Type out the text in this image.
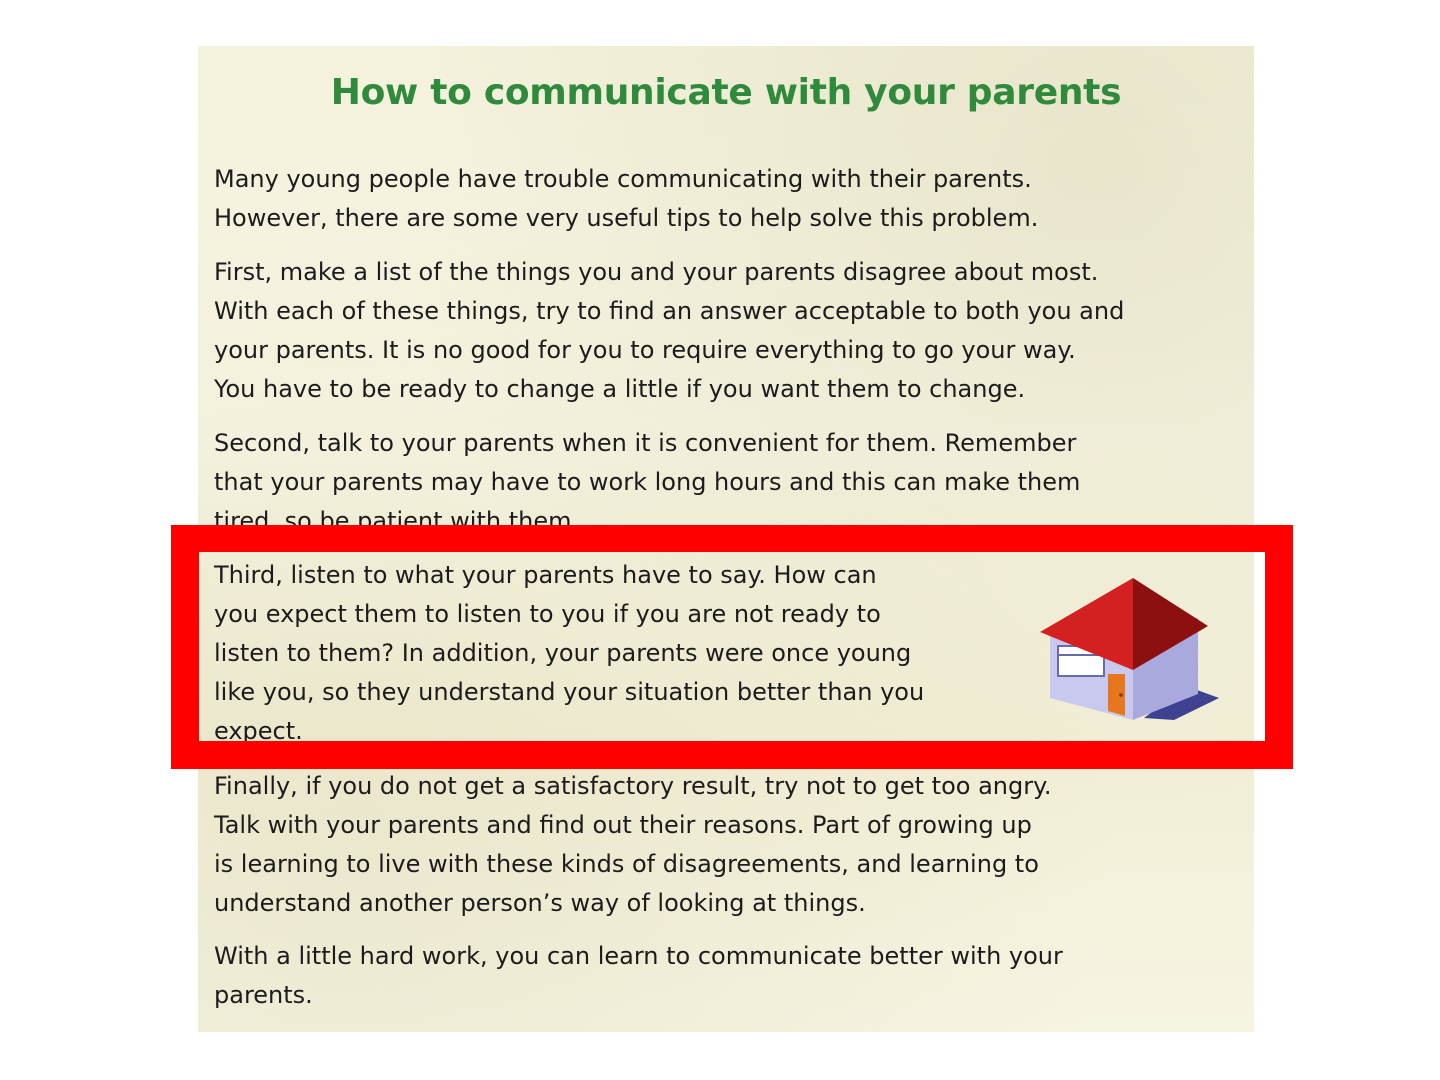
How to communicate with your parents

Many young people have trouble communicating with their parents.
However, there are some very useful tips to help solve this problem.

First, make a list of the things you and your parents disagree about most.
With each of these things, try to find an answer acceptable to both you and
your parents. It is no good for you to require everything to go your way.
You have to be ready to change a little if you want them to change.

Second, talk to your parents when it is convenient for them. Remember
that your parents may have to work long hours and this can make them
tired, so be patient with them.

Third, listen to what your parents have to say. How can
you expect them to listen to you if you are not ready to
listen to them? In addition, your parents were once young
like you, so they understand your situation better than you
expect.

Finally, if you do not get a satisfactory result, try not to get too angry.
Talk with your parents and find out their reasons. Part of growing up
is learning to live with these kinds of disagreements, and learning to
understand another person’s way of looking at things.

With a little hard work, you can learn to communicate better with your
parents.
